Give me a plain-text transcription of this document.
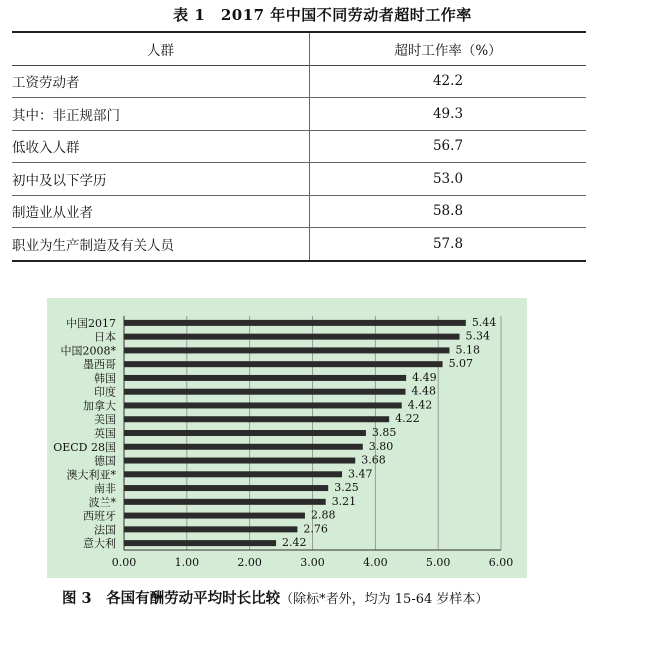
表 1　2017 年中国不同劳动者超时工作率
人群	超时工作率（%）
工资劳动者	42.2
其中：非正规部门	49.3
低收入人群	56.7
初中及以下学历	53.0
制造业从业者	58.8
职业为生产制造及有关人员	57.8
0.00	1.00	2.00	3.00	4.00	5.00	6.00
中国2017	5.44
日本	5.34
中国2008*	5.18
墨西哥	5.07
韩国	4.49
印度	4.48
加拿大	4.42
美国	4.22
英国	3.85
OECD 28国	3.80
德国	3.68
澳大利亚*	3.47
南非	3.25
波兰*	3.21
西班牙	2.88
法国	2.76
意大利	2.42
图 3　各国有酬劳动平均时长比较（除标*者外，均为 15-64 岁样本）
